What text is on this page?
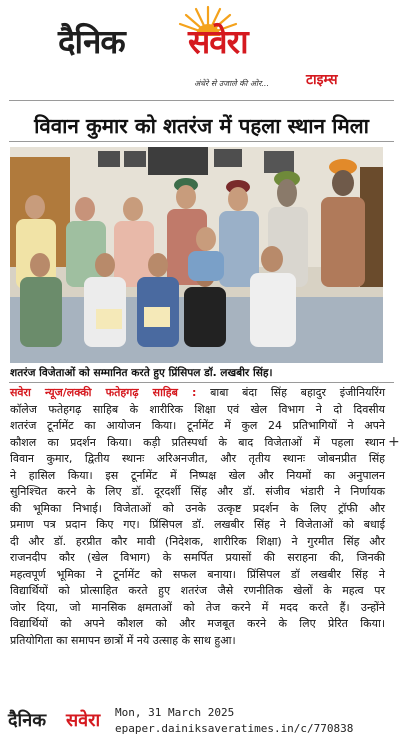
दैनिक सवेरा
अंधेरे से उजाले की ओर...	टाइम्स
विवान कुमार को शतरंज में पहला स्थान मिला
शतरंज विजेताओं को सम्मानित करते हुए प्रिंसिपल डॉ. लखबीर सिंह।
सवेरा न्यूज/लक्की फतेहगढ़ साहिब : बाबा बंदा सिंह बहादुर इंजीनियरिंग
कॉलेज फतेहगढ़ साहिब के शारीरिक शिक्षा एवं खेल विभाग ने दो दिवसीय
शतरंज टूर्नामेंट का आयोजन किया। टूर्नामेंट में कुल 24 प्रतिभागियों ने अपने
कौशल का प्रदर्शन किया। कड़ी प्रतिस्पर्धा के बाद विजेताओं में पहला स्थान
विवान कुमार, द्वितीय स्थानः अरिअनजीत, और तृतीय स्थानः जोबनप्रीत सिंह
ने हासिल किया। इस टूर्नामेंट में निष्पक्ष खेल और नियमों का अनुपालन
सुनिश्चित करने के लिए डॉ. दूरदर्शी सिंह और डॉ. संजीव भंडारी ने निर्णायक
की भूमिका निभाई। विजेताओं को उनके उत्कृष्ट प्रदर्शन के लिए ट्रॉफी और
प्रमाण पत्र प्रदान किए गए। प्रिंसिपल डॉ. लखबीर सिंह ने विजेताओं को बधाई
दी और डॉ. हरप्रीत कौर मावी (निदेशक, शारीरिक शिक्षा) ने गुरमीत सिंह और
राजनदीप कौर (खेल विभाग) के समर्पित प्रयासों की सराहना की, जिनकी
महत्वपूर्ण भूमिका ने टूर्नामेंट को सफल बनाया। प्रिंसिपल डॉ लखबीर सिंह ने
विद्यार्थियों को प्रोत्साहित करते हुए शतरंज जैसे रणनीतिक खेलों के महत्व पर
जोर दिया, जो मानसिक क्षमताओं को तेज करने में मदद करते हैं। उन्होंने
विद्यार्थियों को अपने कौशल को और मजबूत करने के लिए प्रेरित किया।
प्रतियोगिता का समापन छात्रों में नये उत्साह के साथ हुआ।
+
दैनिक सवेरा Mon, 31 March 2025
epaper.dainiksaveratimes.in/c/770838
